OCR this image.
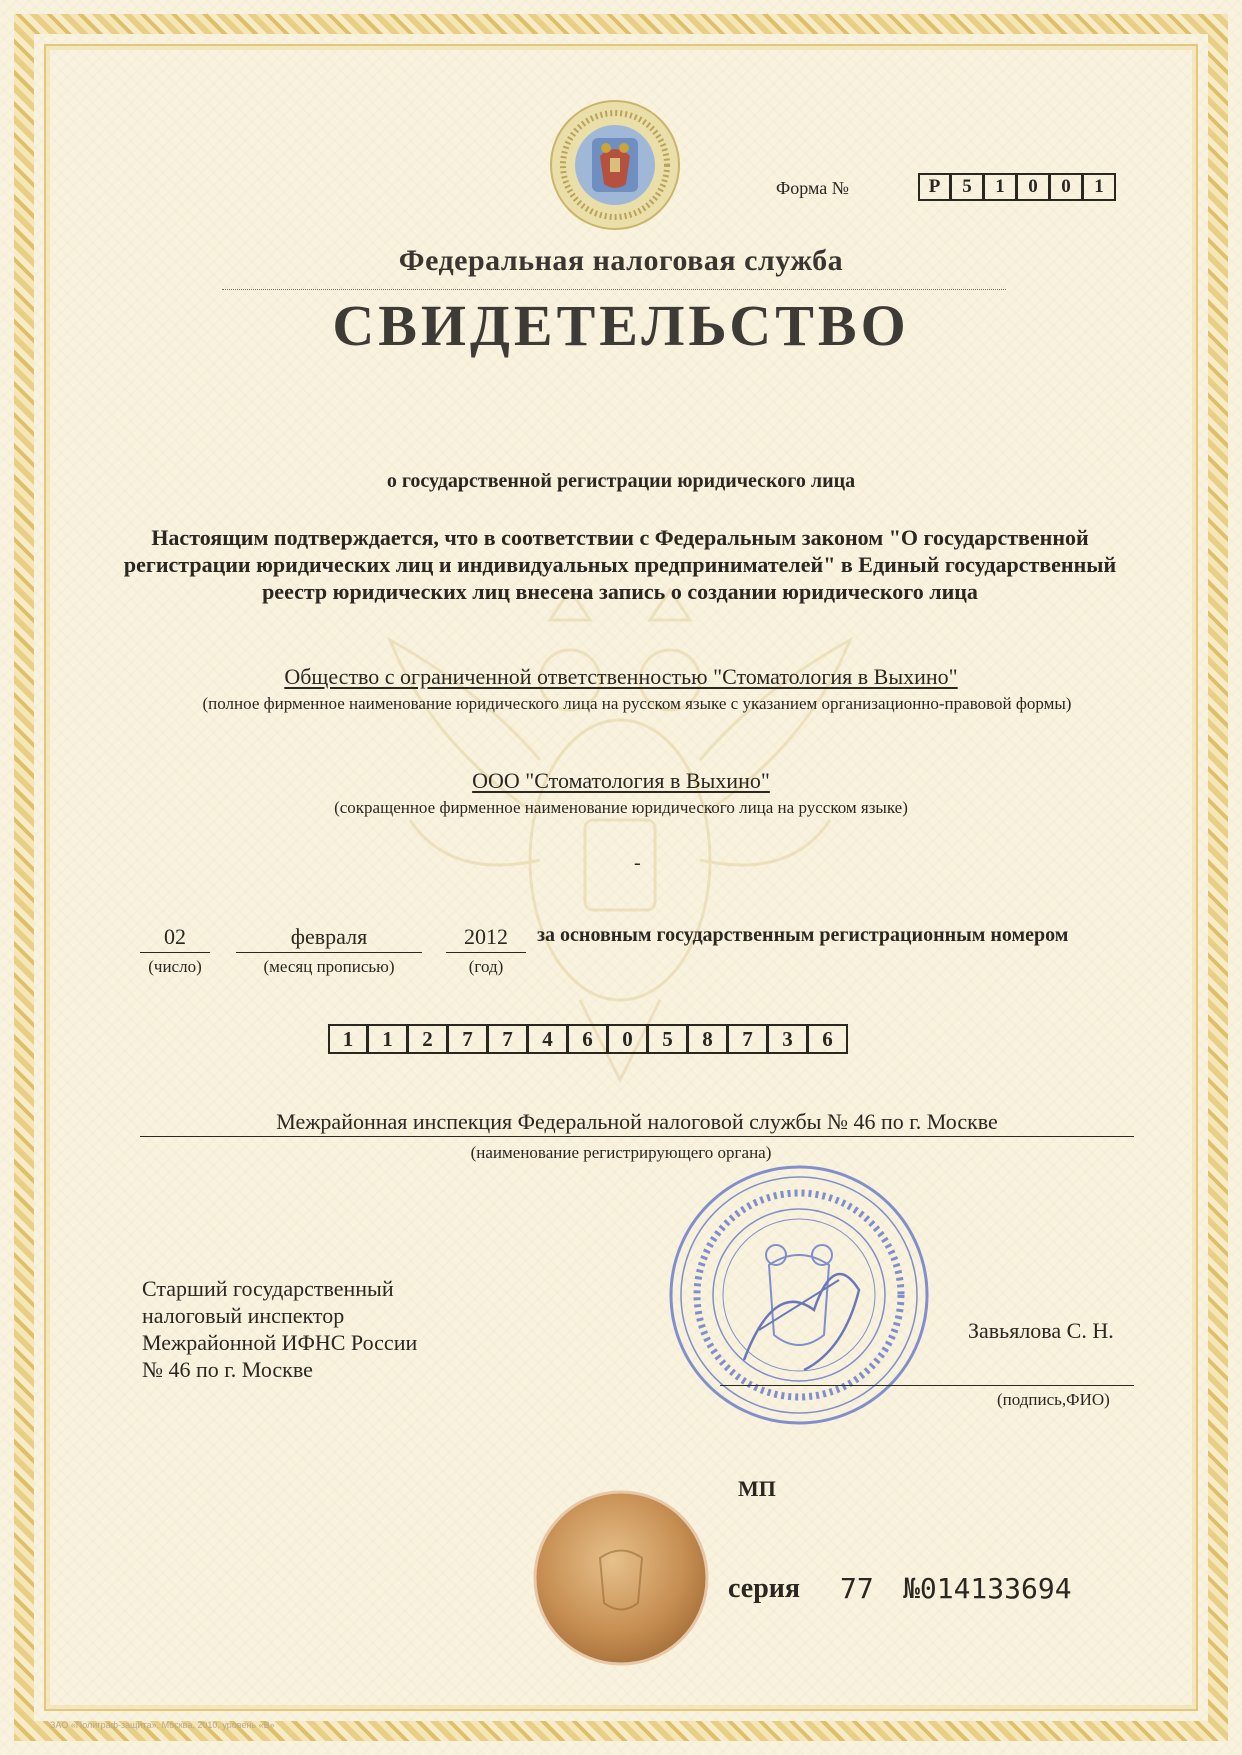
Форма №	Р	5	1	0	0	1
Федеральная налоговая служба
СВИДЕТЕЛЬСТВО
о государственной регистрации юридического лица
Настоящим подтверждается, что в соответствии с Федеральным законом "О государственной регистрации юридических лиц и индивидуальных предпринимателей" в Единый государственный реестр юридических лиц внесена запись о создании юридического лица
Общество с ограниченной ответственностью "Стоматология в Выхино"
(полное фирменное наименование юридического лица на русском языке с указанием организационно-правовой формы)
ООО "Стоматология в Выхино"
(сокращенное фирменное наименование юридического лица на русском языке)
-
02
(число)
февраля
(месяц прописью)
2012
(год)
за основным государственным регистрационным номером
1	1	2	7	7	4	6	0	5	8	7	3	6
Межрайонная инспекция Федеральной налоговой службы № 46 по г. Москве
(наименование регистрирующего органа)
Старший государственный
налоговый инспектор
Межрайонной ИФНС России
№ 46 по г. Москве
Завьялова С. Н.
(подпись,ФИО)
МП
серия 77 №014133694
ЗАО «Полиграф-защита», Москва, 2010, уровень «В»
